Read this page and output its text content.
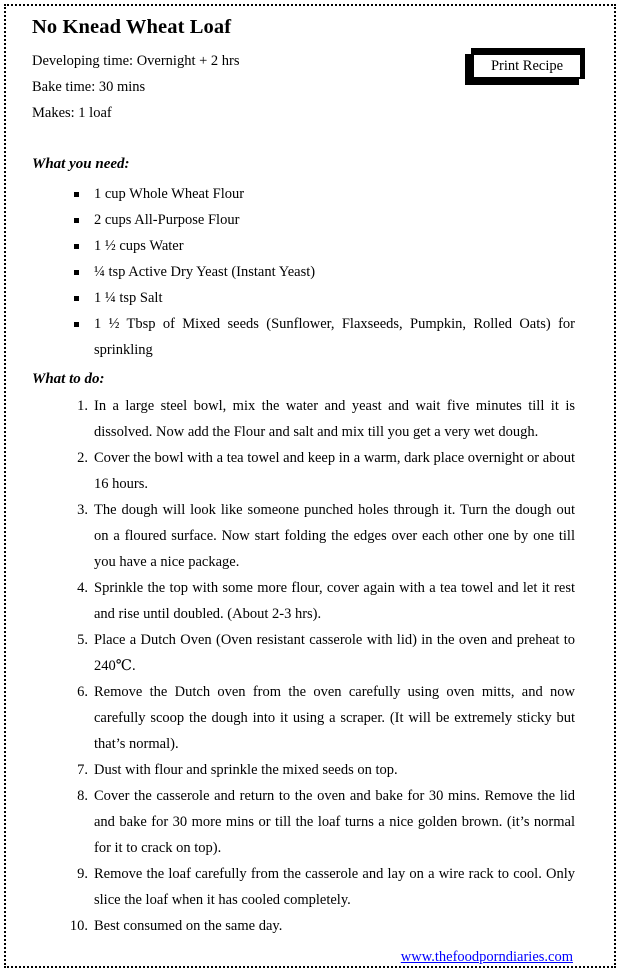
No Knead Wheat Loaf

Developing time: Overnight + 2 hrs

Bake time: 30 mins

Makes: 1 loaf

Print Recipe
What you need:
1 cup Whole Wheat Flour
2 cups All-Purpose Flour
1 ½ cups Water
¼ tsp Active Dry Yeast (Instant Yeast)
1 ¼ tsp Salt
1 ½ Tbsp of Mixed seeds (Sunflower, Flaxseeds, Pumpkin, Rolled Oats) for sprinkling
What to do:
In a large steel bowl, mix the water and yeast and wait five minutes till it is dissolved. Now add the Flour and salt and mix till you get a very wet dough.
Cover the bowl with a tea towel and keep in a warm, dark place overnight or about 16 hours.
The dough will look like someone punched holes through it. Turn the dough out on a floured surface. Now start folding the edges over each other one by one till you have a nice package.
Sprinkle the top with some more flour, cover again with a tea towel and let it rest and rise until doubled. (About 2-3 hrs).
Place a Dutch Oven (Oven resistant casserole with lid) in the oven and preheat to 240℃.
Remove the Dutch oven from the oven carefully using oven mitts, and now carefully scoop the dough into it using a scraper. (It will be extremely sticky but that’s normal).
Dust with flour and sprinkle the mixed seeds on top.
Cover the casserole and return to the oven and bake for 30 mins. Remove the lid and bake for 30 more mins or till the loaf turns a nice golden brown. (it’s normal for it to crack on top).
Remove the loaf carefully from the casserole and lay on a wire rack to cool. Only slice the loaf when it has cooled completely.
Best consumed on the same day.
www.thefoodporndiaries.com
